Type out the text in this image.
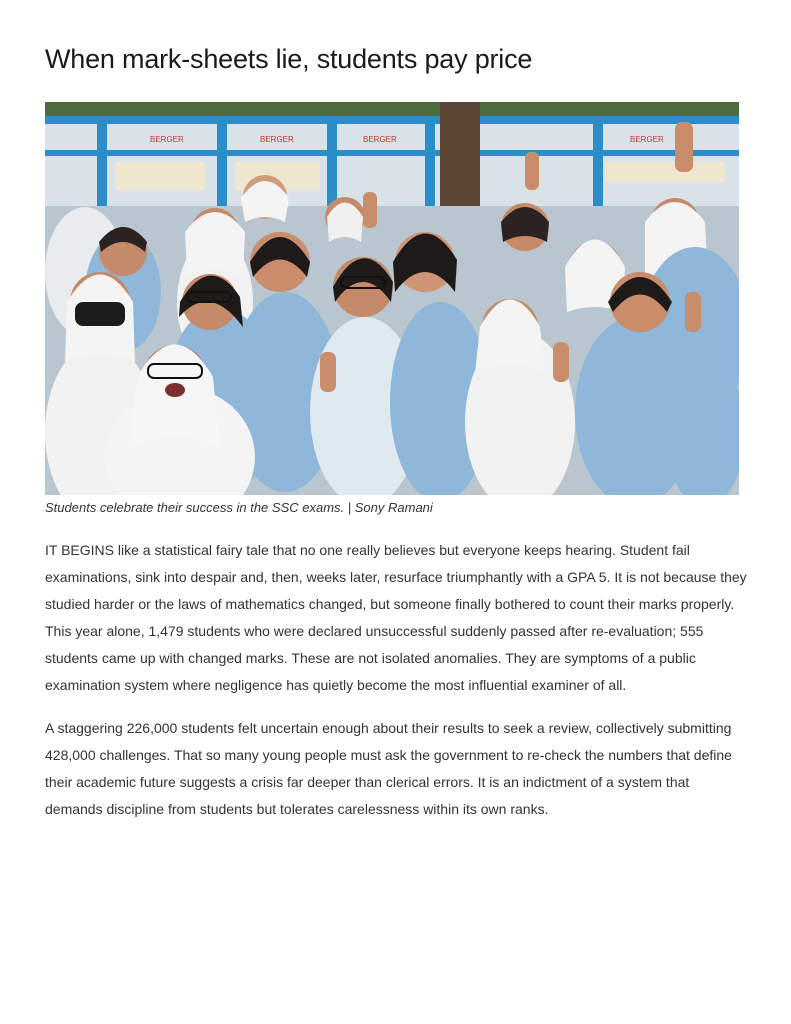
When mark-sheets lie, students pay price
BERGER	BERGER	BERGER	BERGER
Students celebrate their success in the SSC exams. | Sony Ramani

IT BEGINS like a statistical fairy tale that no one really believes but everyone keeps hearing. Student fail examinations, sink into despair and, then, weeks later, resurface triumphantly with a GPA 5. It is not because they studied harder or the laws of mathematics changed, but someone finally bothered to count their marks properly. This year alone, 1,479 students who were declared unsuccessful suddenly passed after re-evaluation; 555 students came up with changed marks. These are not isolated anomalies. They are symptoms of a public examination system where negligence has quietly become the most influential examiner of all.

A staggering 226,000 students felt uncertain enough about their results to seek a review, collectively submitting 428,000 challenges. That so many young people must ask the government to re-check the numbers that define their academic future suggests a crisis far deeper than clerical errors. It is an indictment of a system that demands discipline from students but tolerates carelessness within its own ranks.
